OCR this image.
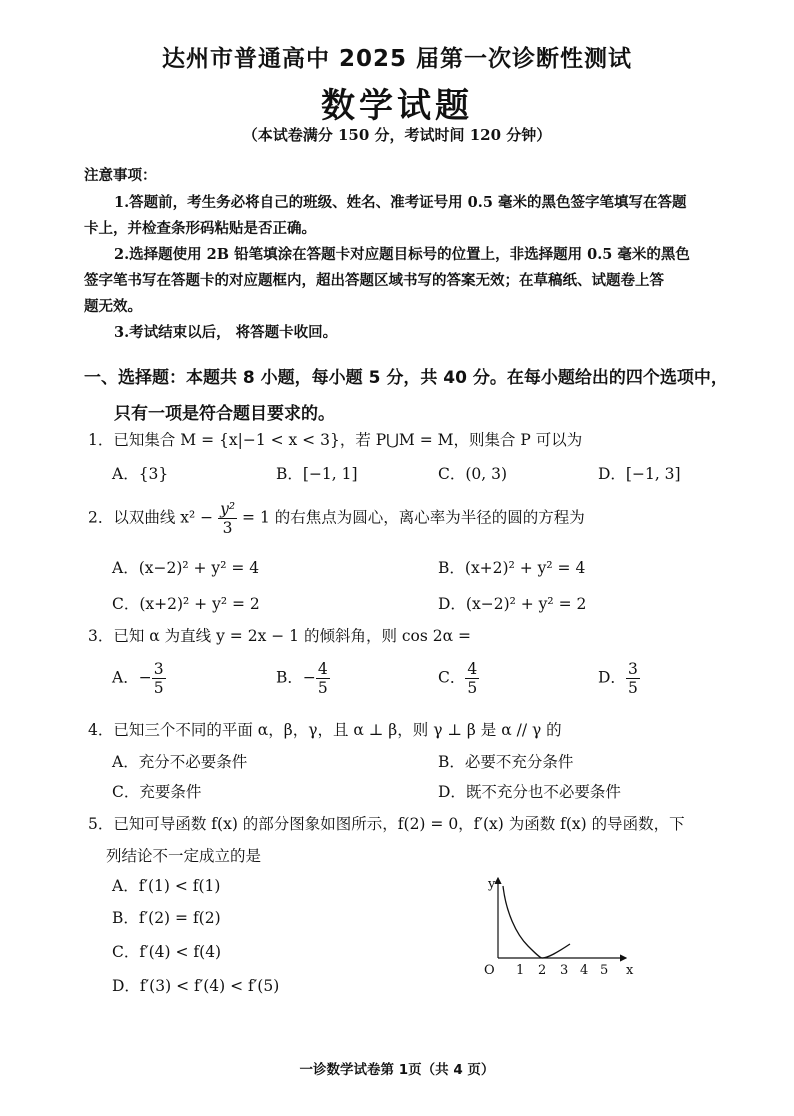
达州市普通高中 2025 届第一次诊断性测试
数学试题
（本试卷满分 150 分，考试时间 120 分钟）
注意事项：
1.答题前，考生务必将自己的班级、姓名、准考证号用 0.5 毫米的黑色签字笔填写在答题
卡上，并检查条形码粘贴是否正确。
2.选择题使用 2B 铅笔填涂在答题卡对应题目标号的位置上，非选择题用 0.5 毫米的黑色
签字笔书写在答题卡的对应题框内，超出答题区域书写的答案无效；在草稿纸、试题卷上答
题无效。
3.考试结束以后， 将答题卡收回。
一、选择题：本题共 8 小题，每小题 5 分，共 40 分。在每小题给出的四个选项中，
只有一项是符合题目要求的。
1．已知集合 M = {x|−1 < x < 3}，若 P⋃M = M，则集合 P 可以为
A．{3}	B．[−1, 1]	C．(0, 3)	D．[−1, 3]
2．以双曲线 $x^2 - \frac{\text{y²}}{3} = 1$ 的右焦点为圆心，离心率为半径的圆的方程为
A．(x−2)² + y² = 4	B．(x+2)² + y² = 4
C．(x+2)² + y² = 2	D．(x−2)² + y² = 2
3．已知 α 为直线 y = 2x − 1 的倾斜角，则 cos 2α =
A．− $\frac{3}{5}$	B．− $\frac{4}{5}$	C． $\frac{4}{5}$	D． $\frac{3}{5}$
4．已知三个不同的平面 α，β，γ，且 α ⊥ β，则 γ ⊥ β 是 α // γ 的
A．充分不必要条件	B．必要不充分条件
C．充要条件	D．既不充分也不必要条件
5．已知可导函数 f(x) 的部分图象如图所示，f(2) = 0，f′(x) 为函数 f(x) 的导函数，下
列结论不一定成立的是
A．f′(1) < f(1)
B．f′(2) = f(2)
C．f′(4) < f(4)
D．f′(3) < f′(4) < f′(5)
y
x
O 1 2 3 4 5
一诊数学试卷第 1页（共 4 页）
